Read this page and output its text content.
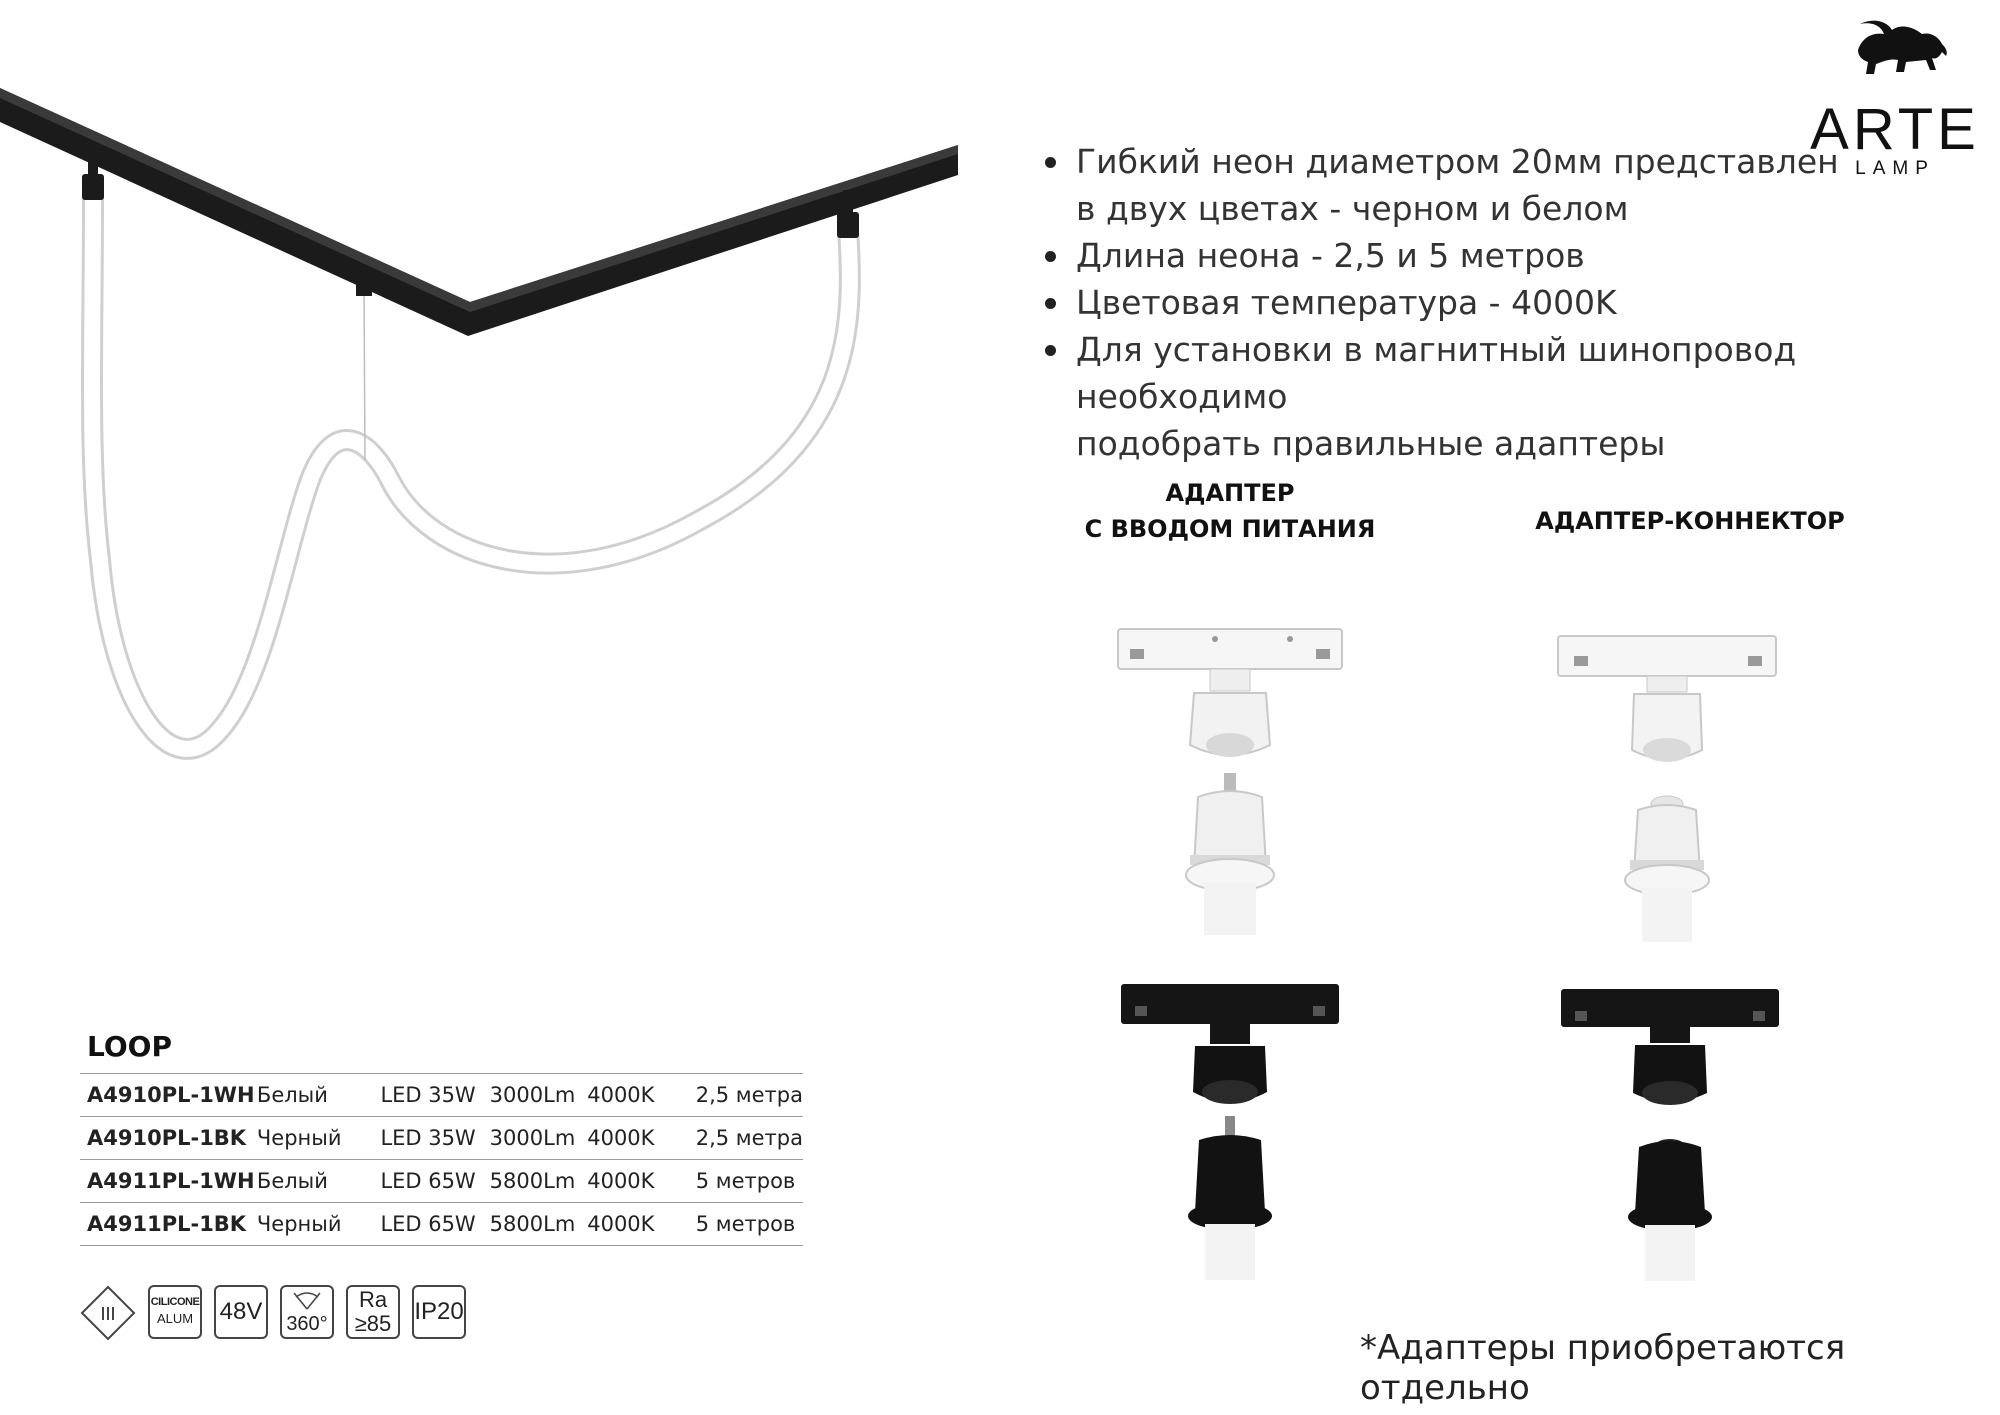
ARTE
LAMP
Гибкий неон диаметром 20мм представлен
в двух цветах - черном и белом
Длина неона - 2,5 и 5 метров
Цветовая температура - 4000K
Для установки в магнитный шинопровод необходимо
подобрать правильные адаптеры
АДАПТЕР
С ВВОДОМ ПИТАНИЯ	АДАПТЕР-КОННЕКТОР
LOOP
A4910PL-1WH	Белый	LED	35W	3000Lm	4000K	2,5 метра
A4910PL-1BK	Черный	LED	35W	3000Lm	4000K	2,5 метра
A4911PL-1WH	Белый	LED	65W	5800Lm	4000K	5 метров
A4911PL-1BK	Черный	LED	65W	5800Lm	4000K	5 метров
III
CILICONE
ALUM 48V 360°
Ra
≥85 IP20
*Адаптеры приобретаются отдельно
